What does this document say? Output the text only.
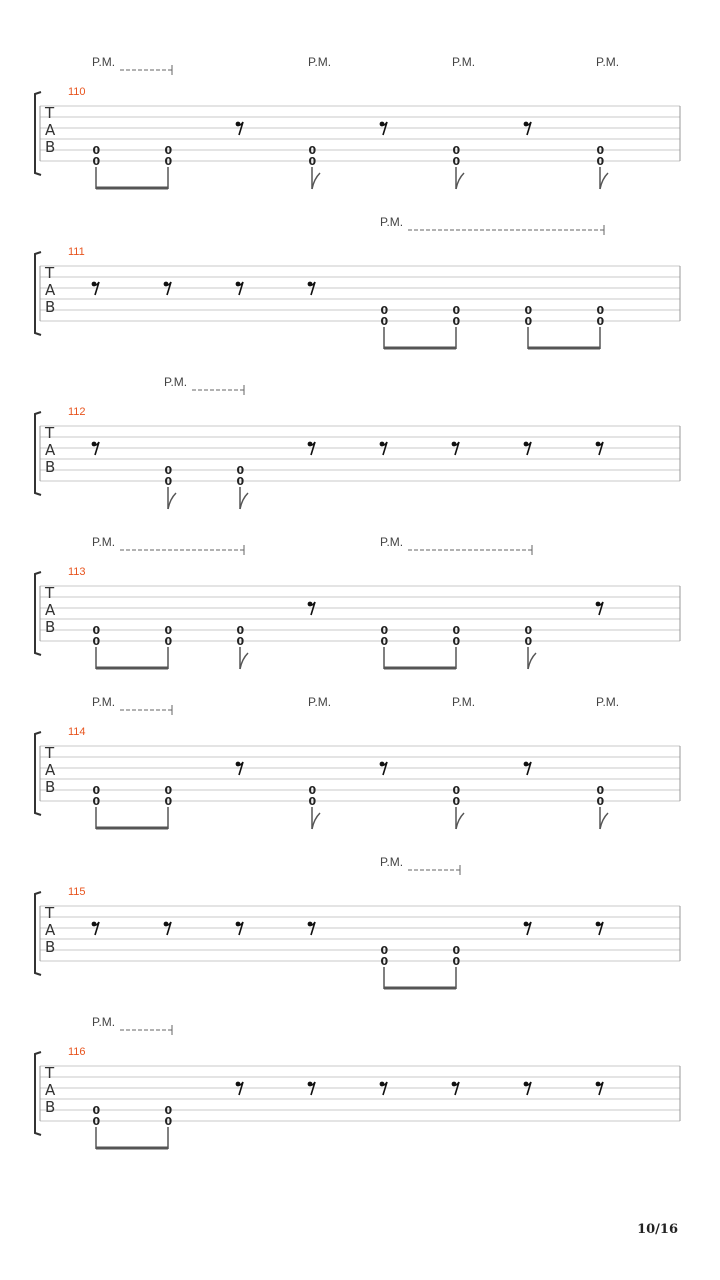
T
A
B
110
P.M.	P.M.	P.M.	P.M.
0
0
0
0
0
0
0
0
0
0
T
A
B
111
P.M.
0
0
0
0
0
0
0
0
T
A
B
112
P.M.
0
0
0
0
T
A
B
113
P.M.	P.M.
0
0
0
0
0
0
0
0
0
0
0
0
T
A
B
114
P.M.	P.M.	P.M.	P.M.
0
0
0
0
0
0
0
0
0
0
T
A
B
115
P.M.
0
0
0
0
T
A
B
116
P.M.
0
0
0
0
10/16
